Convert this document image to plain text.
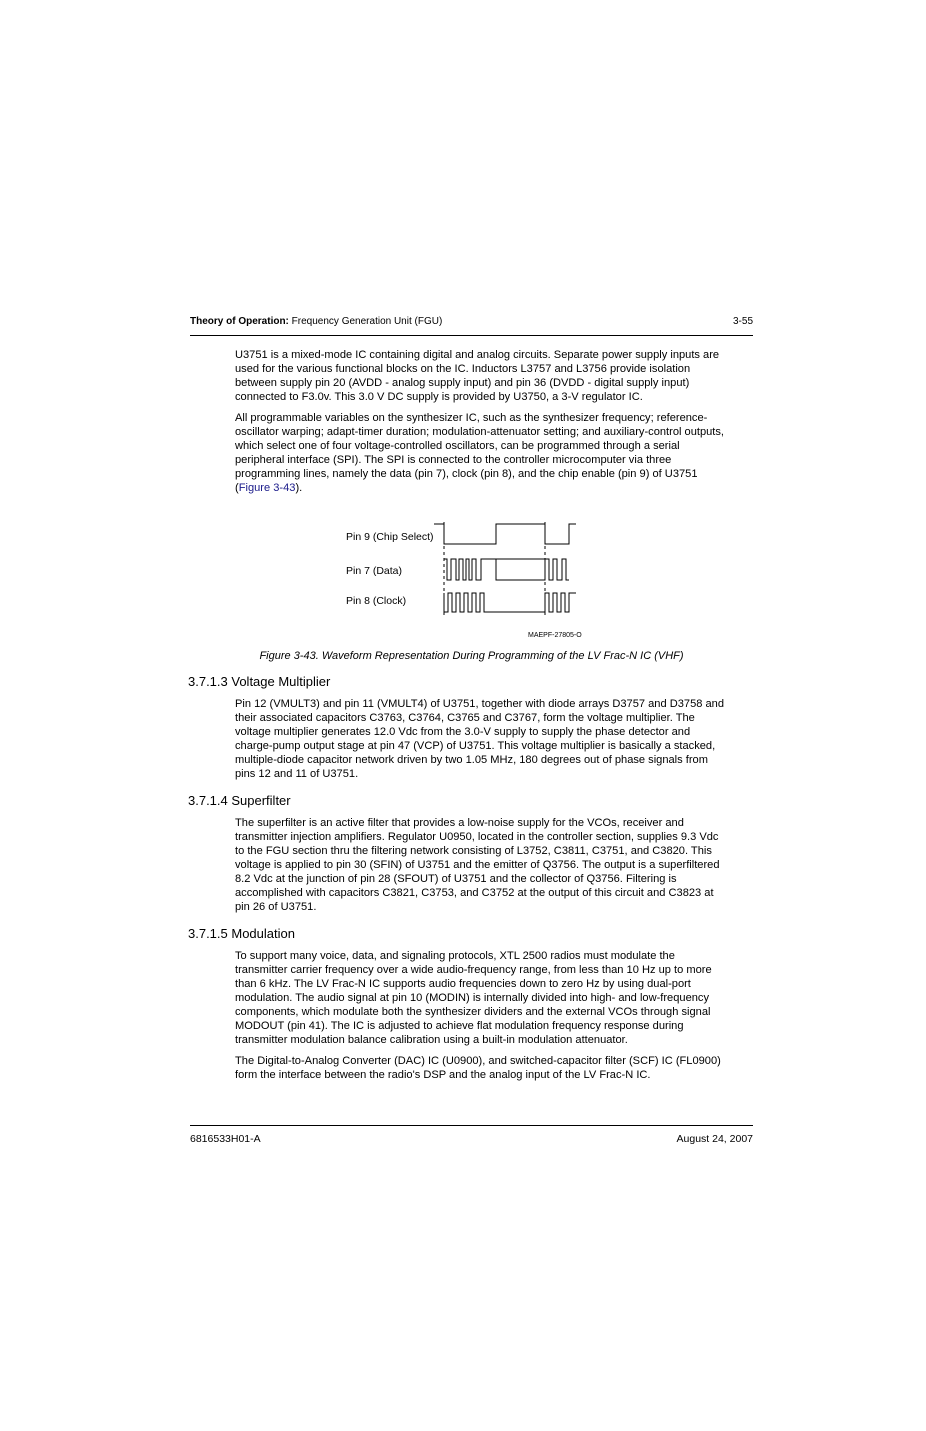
Theory of Operation: Frequency Generation Unit (FGU)	3-55

U3751 is a mixed-mode IC containing digital and analog circuits. Separate power supply inputs are
used for the various functional blocks on the IC. Inductors L3757 and L3756 provide isolation
between supply pin 20 (AVDD - analog supply input) and pin 36 (DVDD - digital supply input)
connected to F3.0v. This 3.0 V DC supply is provided by U3750, a 3-V regulator IC.

All programmable variables on the synthesizer IC, such as the synthesizer frequency; reference-
oscillator warping; adapt-timer duration; modulation-attenuator setting; and auxiliary-control outputs,
which select one of four voltage-controlled oscillators, can be programmed through a serial
peripheral interface (SPI). The SPI is connected to the controller microcomputer via three
programming lines, namely the data (pin 7), clock (pin 8), and the chip enable (pin 9) of U3751
(Figure 3-43).

Pin 9 (Chip Select)
Pin 7 (Data)
Pin 8 (Clock)
MAEPF-27805-O

Figure 3-43. Waveform Representation During Programming of the LV Frac-N IC (VHF)

3.7.1.3 Voltage Multiplier

Pin 12 (VMULT3) and pin 11 (VMULT4) of U3751, together with diode arrays D3757 and D3758 and
their associated capacitors C3763, C3764, C3765 and C3767, form the voltage multiplier. The
voltage multiplier generates 12.0 Vdc from the 3.0-V supply to supply the phase detector and
charge-pump output stage at pin 47 (VCP) of U3751. This voltage multiplier is basically a stacked,
multiple-diode capacitor network driven by two 1.05 MHz, 180 degrees out of phase signals from
pins 12 and 11 of U3751.

3.7.1.4 Superfilter

The superfilter is an active filter that provides a low-noise supply for the VCOs, receiver and
transmitter injection amplifiers. Regulator U0950, located in the controller section, supplies 9.3 Vdc
to the FGU section thru the filtering network consisting of L3752, C3811, C3751, and C3820. This
voltage is applied to pin 30 (SFIN) of U3751 and the emitter of Q3756. The output is a superfiltered
8.2 Vdc at the junction of pin 28 (SFOUT) of U3751 and the collector of Q3756. Filtering is
accomplished with capacitors C3821, C3753, and C3752 at the output of this circuit and C3823 at
pin 26 of U3751.

3.7.1.5 Modulation

To support many voice, data, and signaling protocols, XTL 2500 radios must modulate the
transmitter carrier frequency over a wide audio-frequency range, from less than 10 Hz up to more
than 6 kHz. The LV Frac-N IC supports audio frequencies down to zero Hz by using dual-port
modulation. The audio signal at pin 10 (MODIN) is internally divided into high- and low-frequency
components, which modulate both the synthesizer dividers and the external VCOs through signal
MODOUT (pin 41). The IC is adjusted to achieve flat modulation frequency response during
transmitter modulation balance calibration using a built-in modulation attenuator.

The Digital-to-Analog Converter (DAC) IC (U0900), and switched-capacitor filter (SCF) IC (FL0900)
form the interface between the radio's DSP and the analog input of the LV Frac-N IC.

6816533H01-A	August 24, 2007
